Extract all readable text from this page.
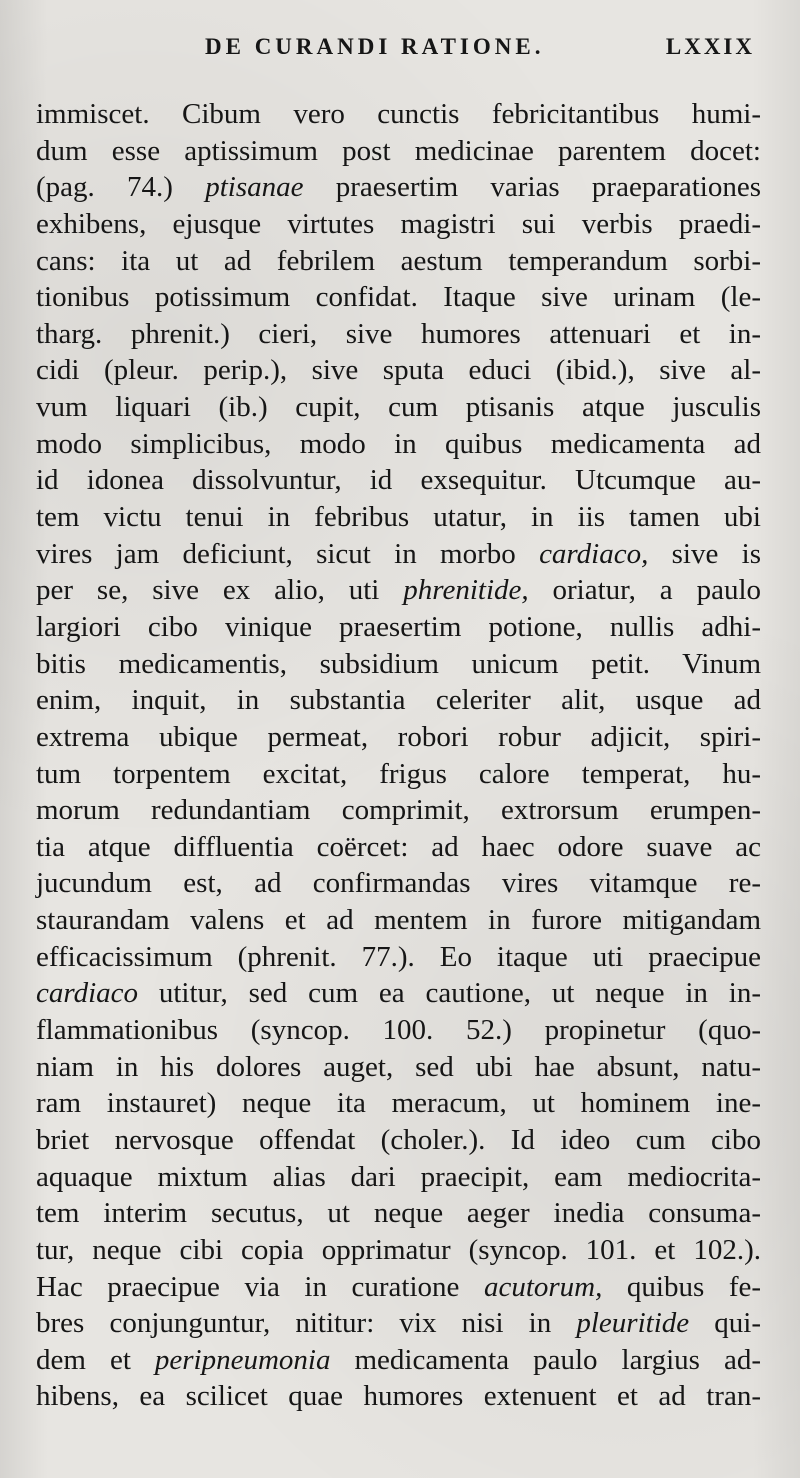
DE CURANDI RATIONE.	LXXIX
immiscet. Cibum vero cunctis febricitantibus humi-
dum esse aptissimum post medicinae parentem docet:
(pag. 74.) ptisanae praesertim varias praeparationes
exhibens, ejusque virtutes magistri sui verbis praedi-
cans: ita ut ad febrilem aestum temperandum sorbi-
tionibus potissimum confidat. Itaque sive urinam (le-
tharg. phrenit.) cieri, sive humores attenuari et in-
cidi (pleur. perip.), sive sputa educi (ibid.), sive al-
vum liquari (ib.) cupit, cum ptisanis atque jusculis
modo simplicibus, modo in quibus medicamenta ad
id idonea dissolvuntur, id exsequitur. Utcumque au-
tem victu tenui in febribus utatur, in iis tamen ubi
vires jam deficiunt, sicut in morbo cardiaco, sive is
per se, sive ex alio, uti phrenitide, oriatur, a paulo
largiori cibo vinique praesertim potione, nullis adhi-
bitis medicamentis, subsidium unicum petit. Vinum
enim, inquit, in substantia celeriter alit, usque ad
extrema ubique permeat, robori robur adjicit, spiri-
tum torpentem excitat, frigus calore temperat, hu-
morum redundantiam comprimit, extrorsum erumpen-
tia atque diffluentia coërcet: ad haec odore suave ac
jucundum est, ad confirmandas vires vitamque re-
staurandam valens et ad mentem in furore mitigandam
efficacissimum (phrenit. 77.). Eo itaque uti praecipue
cardiaco utitur, sed cum ea cautione, ut neque in in-
flammationibus (syncop. 100. 52.) propinetur (quo-
niam in his dolores auget, sed ubi hae absunt, natu-
ram instauret) neque ita meracum, ut hominem ine-
briet nervosque offendat (choler.). Id ideo cum cibo
aquaque mixtum alias dari praecipit, eam mediocrita-
tem interim secutus, ut neque aeger inedia consuma-
tur, neque cibi copia opprimatur (syncop. 101. et 102.).
Hac praecipue via in curatione acutorum, quibus fe-
bres conjunguntur, nititur: vix nisi in pleuritide qui-
dem et peripneumonia medicamenta paulo largius ad-
hibens, ea scilicet quae humores extenuent et ad tran-
